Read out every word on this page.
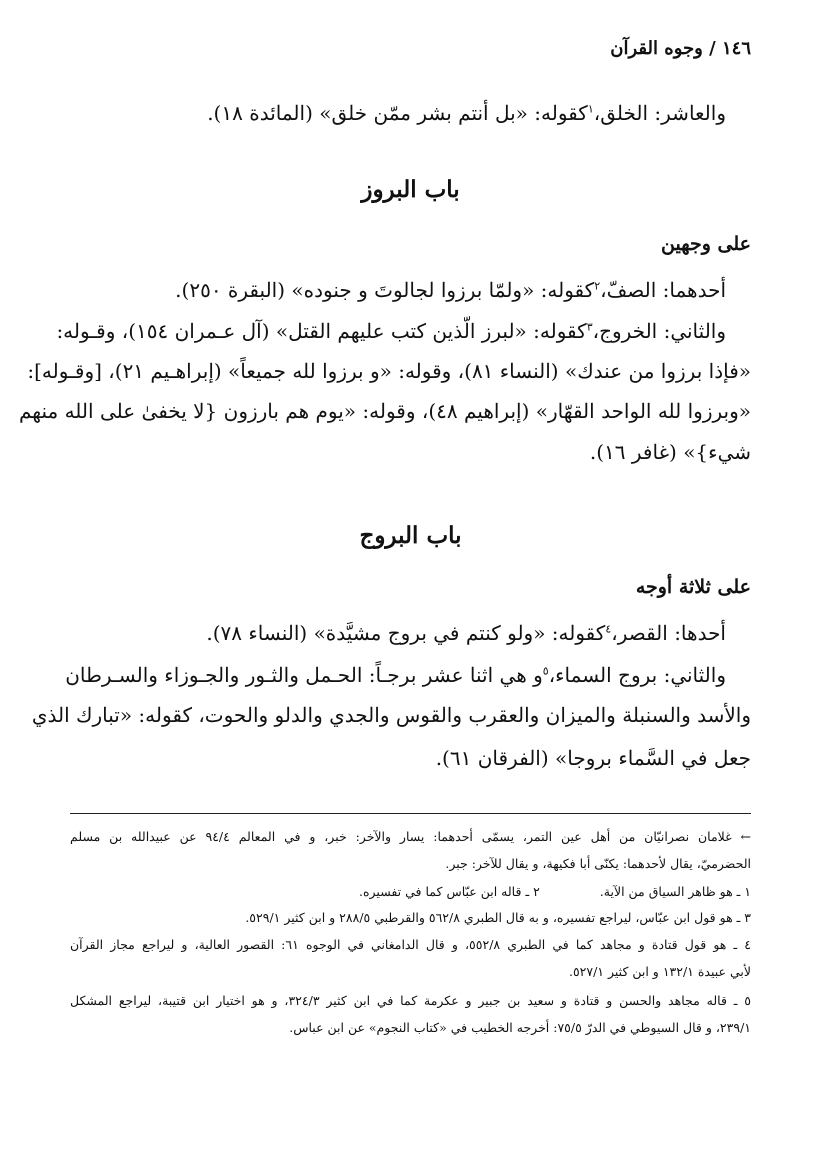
١٤٦ / وجوه القرآن
والعاشر: الخلق،$^١$كقوله: «بل أنتم بشر ممّن خلق» (المائدة ١٨).
باب البروز
على وجهين
أحدهما: الصفّ،$^٢$كقوله: «ولمّا برزوا لجالوتَ و جنوده» (البقرة ٢٥٠).
والثاني: الخروج،$^٣$كقوله: «لبرز الّذين كتب عليهم القتل» (آل عـمران ١٥٤)، وقـوله:
«فإذا برزوا من عندك» (النساء ٨١)، وقوله: «و برزوا لله جميعاً» (إبراهـيم ٢١)، [وقـوله]:
«وبرزوا لله الواحد القهّار» (إبراهيم ٤٨)، وقوله: «يوم هم بارزون {لا يخفىٰ على الله منهم
شيء}» (غافر ١٦).
باب البروج
على ثلاثة أوجه
أحدها: القصر،$^٤$كقوله: «ولو كنتم في بروج مشيَّدة» (النساء ٧٨).
والثاني: بروج السماء،$^٥$و هي اثنا عشر برجـاً: الحـمل والثـور والجـوزاء والسـرطان
والأسد والسنبلة والميزان والعقرب والقوس والجدي والدلو والحوت، كقوله: «تبارك الذي
جعل في السَّماء بروجا» (الفرقان ٦١).
← غلامان نصرانيّان من أهل عين التمر، يسمّى أحدهما: يسار والآخر: خبر، و في المعالم ٩٤/٤ عن عبيدالله بن مسلم
الحضرميّ، يقال لأحدهما: يكنّى أبا فكيهة، و يقال للآخر: جبر.
١ ـ هو ظاهر السياق من الآية.
٢ ـ قاله ابن عبّاس كما في تفسيره.
٣ ـ هو قول ابن عبّاس، ليراجع تفسيره، و به قال الطبري ٥٦٢/٨ والقرطبي ٢٨٨/٥ و ابن كثير ٥٢٩/١.
٤ ـ هو قول قتادة و مجاهد كما في الطبري ٥٥٢/٨، و قال الدامغاني في الوجوه ٦١: القصور العالية، و ليراجع مجاز القرآن
لأبي عبيدة ١٣٢/١ و ابن كثير ٥٢٧/١.
٥ ـ قاله مجاهد والحسن و قتادة و سعيد بن جبير و عكرمة كما في ابن كثير ٣٢٤/٣، و هو اختيار ابن قتيبة، ليراجع المشكل
٢٣٩/١، و قال السيوطي في الدرّ ٧٥/٥: أخرجه الخطيب في «كتاب النجوم» عن ابن عباس.
